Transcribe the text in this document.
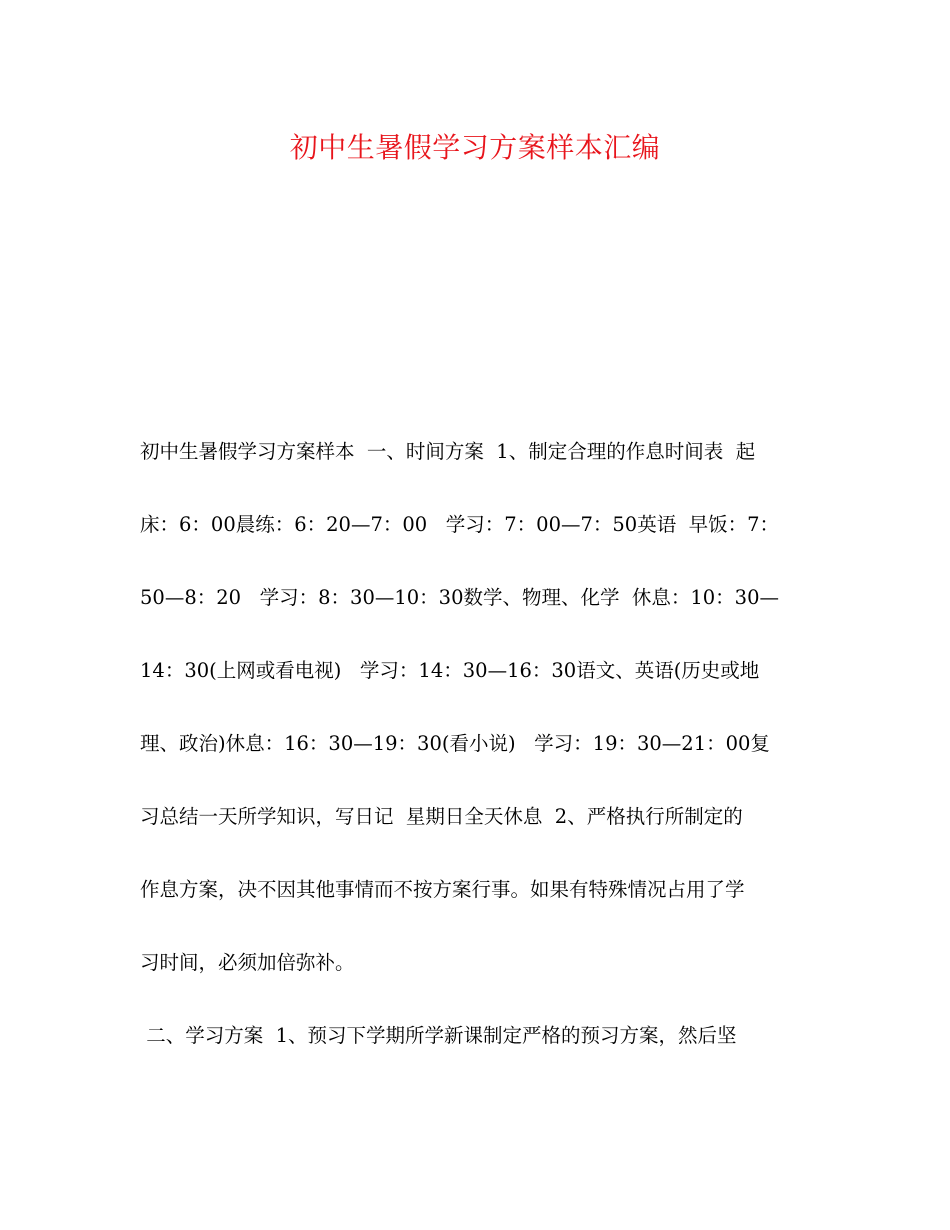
初中生暑假学习方案样本汇编
初中生暑假学习方案样本  一、时间方案  1、制定合理的作息时间表  起
床：6：00晨练：6：20—7：00   学习：7：00—7：50英语  早饭：7：
50—8：20   学习：8：30—10：30数学、物理、化学  休息：10：30—
14：30(上网或看电视)   学习：14：30—16：30语文、英语(历史或地
理、政治)休息：16：30—19：30(看小说)   学习：19：30—21：00复
习总结一天所学知识，写日记  星期日全天休息  2、严格执行所制定的
作息方案，决不因其他事情而不按方案行事。如果有特殊情况占用了学
习时间，必须加倍弥补。
二、学习方案  1、预习下学期所学新课制定严格的预习方案，然后坚
